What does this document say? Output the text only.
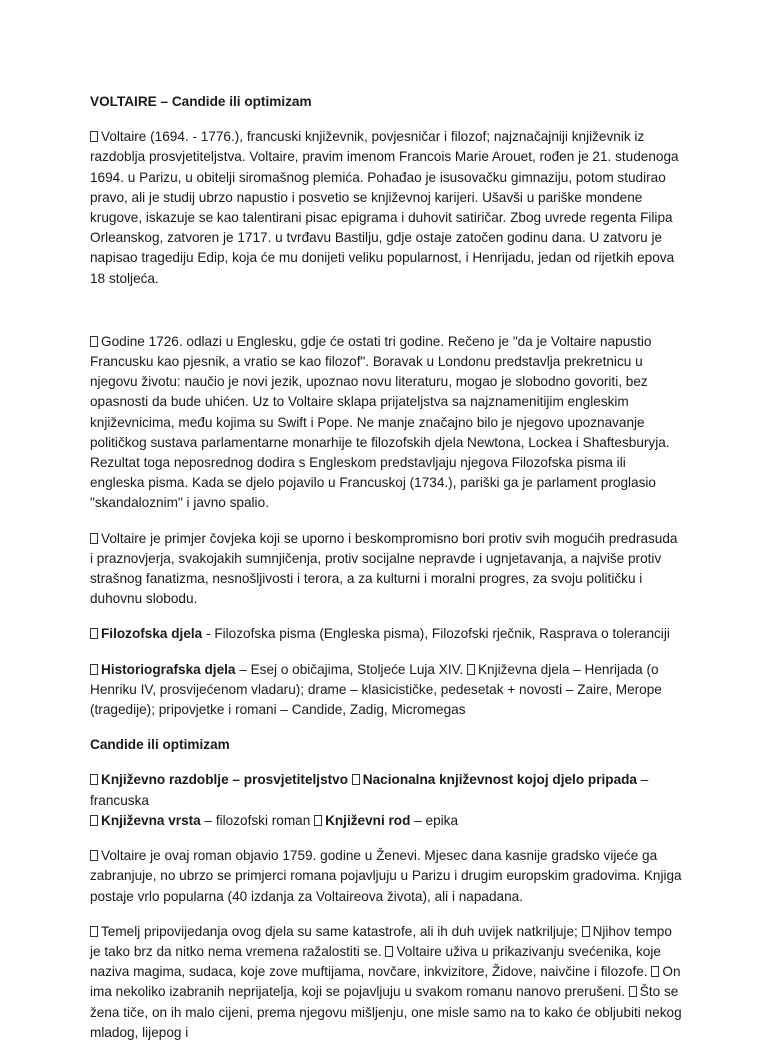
VOLTAIRE – Candide ili optimizam

Voltaire (1694. - 1776.), francuski književnik, povjesničar i filozof; najznačajniji književnik iz razdoblja prosvjetiteljstva. Voltaire, pravim imenom Francois Marie Arouet, rođen je 21. studenoga 1694. u Parizu, u obitelji siromašnog plemića. Pohađao je isusovačku gimnaziju, potom studirao pravo, ali je studij ubrzo napustio i posvetio se književnoj karijeri. Ušavši u pariške mondene krugove, iskazuje se kao talentirani pisac epigrama i duhovit satiričar. Zbog uvrede regenta Filipa Orleanskog, zatvoren je 1717. u tvrđavu Bastilju, gdje ostaje zatočen godinu dana. U zatvoru je napisao tragediju Edip, koja će mu donijeti veliku popularnost, i Henrijadu, jedan od rijetkih epova 18 stoljeća.

Godine 1726. odlazi u Englesku, gdje će ostati tri godine. Rečeno je "da je Voltaire napustio Francusku kao pjesnik, a vratio se kao filozof". Boravak u Londonu predstavlja prekretnicu u njegovu životu: naučio je novi jezik, upoznao novu literaturu, mogao je slobodno govoriti, bez opasnosti da bude uhićen. Uz to Voltaire sklapa prijateljstva sa najznamenitijim engleskim književnicima, među kojima su Swift i Pope. Ne manje značajno bilo je njegovo upoznavanje političkog sustava parlamentarne monarhije te filozofskih djela Newtona, Lockea i Shaftesburyja. Rezultat toga neposrednog dodira s Engleskom predstavljaju njegova Filozofska pisma ili engleska pisma. Kada se djelo pojavilo u Francuskoj (1734.), pariški ga je parlament proglasio "skandaloznim" i javno spalio.

Voltaire je primjer čovjeka koji se uporno i beskompromisno bori protiv svih mogućih predrasuda i praznovjerja, svakojakih sumnjičenja, protiv socijalne nepravde i ugnjetavanja, a najviše protiv strašnog fanatizma, nesnošljivosti i terora, a za kulturni i moralni progres, za svoju političku i duhovnu slobodu.

Filozofska djela - Filozofska pisma (Engleska pisma), Filozofski rječnik, Rasprava o toleranciji

Historiografska djela – Esej o običajima, Stoljeće Luja XIV. Književna djela – Henrijada (o Henriku IV, prosvijećenom vladaru); drame – klasicističke, pedesetak + novosti – Zaire, Merope (tragedije); pripovjetke i romani – Candide, Zadig, Micromegas

Candide ili optimizam

Književno razdoblje – prosvjetiteljstvo Nacionalna književnost kojoj djelo pripada – francuska
Književna vrsta – filozofski roman Književni rod – epika

Voltaire je ovaj roman objavio 1759. godine u Ženevi. Mjesec dana kasnije gradsko vijeće ga zabranjuje, no ubrzo se primjerci romana pojavljuju u Parizu i drugim europskim gradovima. Knjiga postaje vrlo popularna (40 izdanja za Voltaireova života), ali i napadana.

Temelj pripovijedanja ovog djela su same katastrofe, ali ih duh uvijek natkriljuje; Njihov tempo je tako brz da nitko nema vremena ražalostiti se. Voltaire uživa u prikazivanju svećenika, koje naziva magima, sudaca, koje zove muftijama, novčare, inkvizitore, Židove, naivčine i filozofe. On ima nekoliko izabranih neprijatelja, koji se pojavljuju u svakom romanu nanovo prerušeni. Što se žena tiče, on ih malo cijeni, prema njegovu mišljenju, one misle samo na to kako će obljubiti nekog mladog, lijepog i
